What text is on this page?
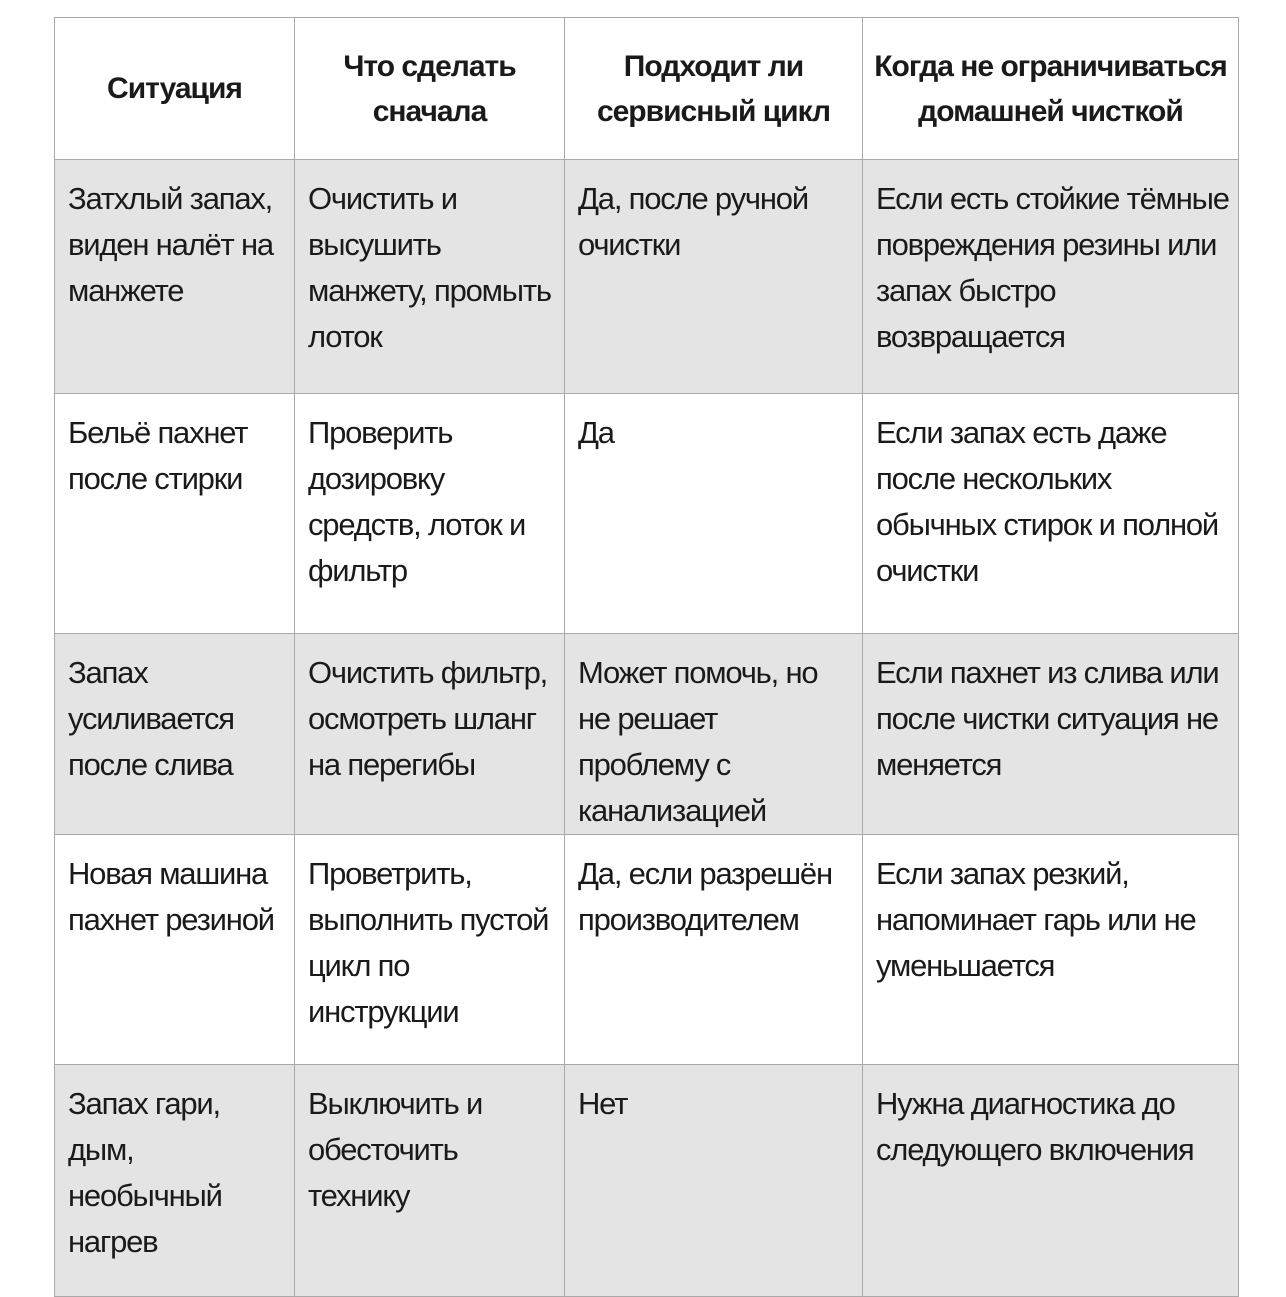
Ситуация	Что сделать сначала	Подходит ли сервисный цикл	Когда не ограничиваться домашней чисткой
Затхлый запах, виден налёт на манжете	Очистить и высушить манжету, промыть лоток	Да, после ручной очистки	Если есть стойкие тёмные повреждения резины или запах быстро возвращается
Бельё пахнет после стирки	Проверить дозировку средств, лоток и фильтр	Да	Если запах есть даже после нескольких обычных стирок и полной очистки
Запах усиливается после слива	Очистить фильтр, осмотреть шланг на перегибы	Может помочь, но не решает проблему с канализацией	Если пахнет из слива или после чистки ситуация не меняется
Новая машина пахнет резиной	Проветрить, выполнить пустой цикл по инструкции	Да, если разрешён производителем	Если запах резкий, напоминает гарь или не уменьшается
Запах гари, дым, необычный нагрев	Выключить и обесточить технику	Нет	Нужна диагностика до следующего включения
